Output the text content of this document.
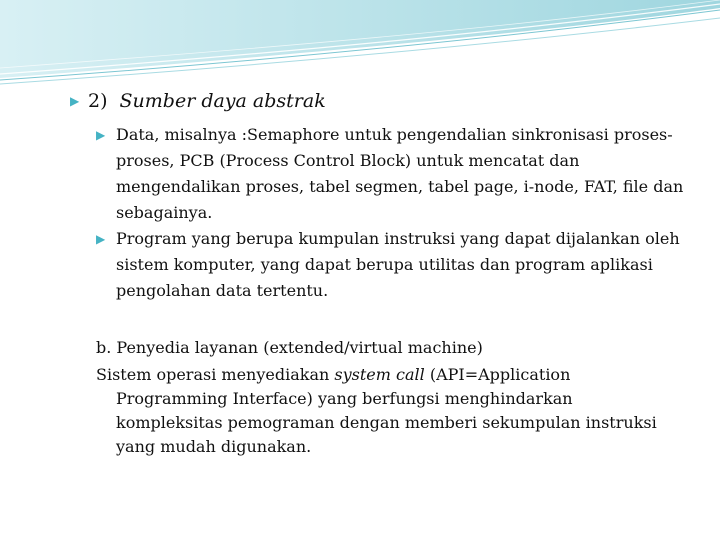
▶ 2) Sumber daya abstrak
▶ Data, misalnya :Semaphore untuk pengendalian sinkronisasi proses-proses, PCB (Process Control Block) untuk mencatat dan mengendalikan proses, tabel segmen, tabel page, i-node, FAT, file dan sebagainya.
▶ Program yang berupa kumpulan instruksi yang dapat dijalankan oleh sistem komputer, yang dapat berupa utilitas dan program aplikasi pengolahan data tertentu.
b. Penyedia layanan (extended/virtual machine)
Sistem operasi menyediakan system call (API=Application Programming Interface) yang berfungsi menghindarkan kompleksitas pemograman dengan memberi sekumpulan instruksi yang mudah digunakan.
